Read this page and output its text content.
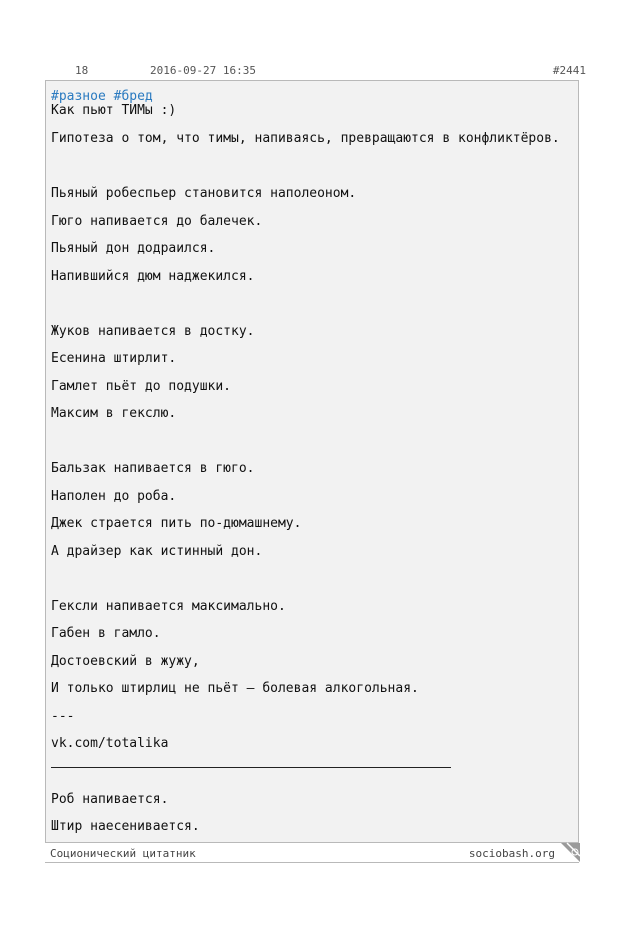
18	2016-09-27 16:35	#2441
#разное #бред
Как пьют ТИМы :)
Гипотеза о том, что тимы, напиваясь, превращаются в конфликтёров.
Пьяный робеспьер становится наполеоном.
Гюго напивается до балечек.
Пьяный дон додраился.
Напившийся дюм наджекился.
Жуков напивается в достку.
Есенина штирлит.
Гамлет пьёт до подушки.
Максим в гекслю.
Бальзак напивается в гюго.
Наполен до роба.
Джек страется пить по-дюмашнему.
А драйзер как истинный дон.
Гексли напивается максимально.
Габен в гамло.
Достоевский в жужу,
И только штирлиц не пьёт – болевая алкогольная.
---
vk.com/totalika
Роб напивается.
Штир наесенивается.
Соционический цитатник	sociobash.org
